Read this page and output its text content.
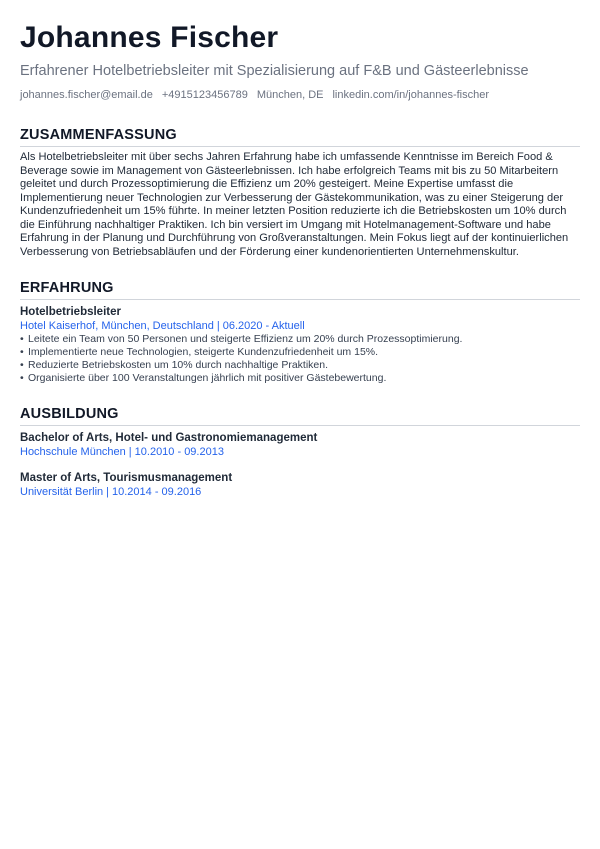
Johannes Fischer
Erfahrener Hotelbetriebsleiter mit Spezialisierung auf F&B und Gästeerlebnisse
johannes.fischer@email.de +4915123456789 München, DE linkedin.com/in/johannes-fischer
ZUSAMMENFASSUNG
Als Hotelbetriebsleiter mit über sechs Jahren Erfahrung habe ich umfassende Kenntnisse im Bereich Food & Beverage sowie im Management von Gästeerlebnissen. Ich habe erfolgreich Teams mit bis zu 50 Mitarbeitern geleitet und durch Prozessoptimierung die Effizienz um 20% gesteigert. Meine Expertise umfasst die Implementierung neuer Technologien zur Verbesserung der Gästekommunikation, was zu einer Steigerung der Kundenzufriedenheit um 15% führte. In meiner letzten Position reduzierte ich die Betriebskosten um 10% durch die Einführung nachhaltiger Praktiken. Ich bin versiert im Umgang mit Hotelmanagement-Software und habe Erfahrung in der Planung und Durchführung von Großveranstaltungen. Mein Fokus liegt auf der kontinuierlichen Verbesserung von Betriebsabläufen und der Förderung einer kundenorientierten Unternehmenskultur.
ERFAHRUNG
Hotelbetriebsleiter
Hotel Kaiserhof, München, Deutschland | 06.2020 - Aktuell
• Leitete ein Team von 50 Personen und steigerte Effizienz um 20% durch Prozessoptimierung.
• Implementierte neue Technologien, steigerte Kundenzufriedenheit um 15%.
• Reduzierte Betriebskosten um 10% durch nachhaltige Praktiken.
• Organisierte über 100 Veranstaltungen jährlich mit positiver Gästebewertung.
AUSBILDUNG
Bachelor of Arts, Hotel- und Gastronomiemanagement
Hochschule München | 10.2010 - 09.2013
Master of Arts, Tourismusmanagement
Universität Berlin | 10.2014 - 09.2016
